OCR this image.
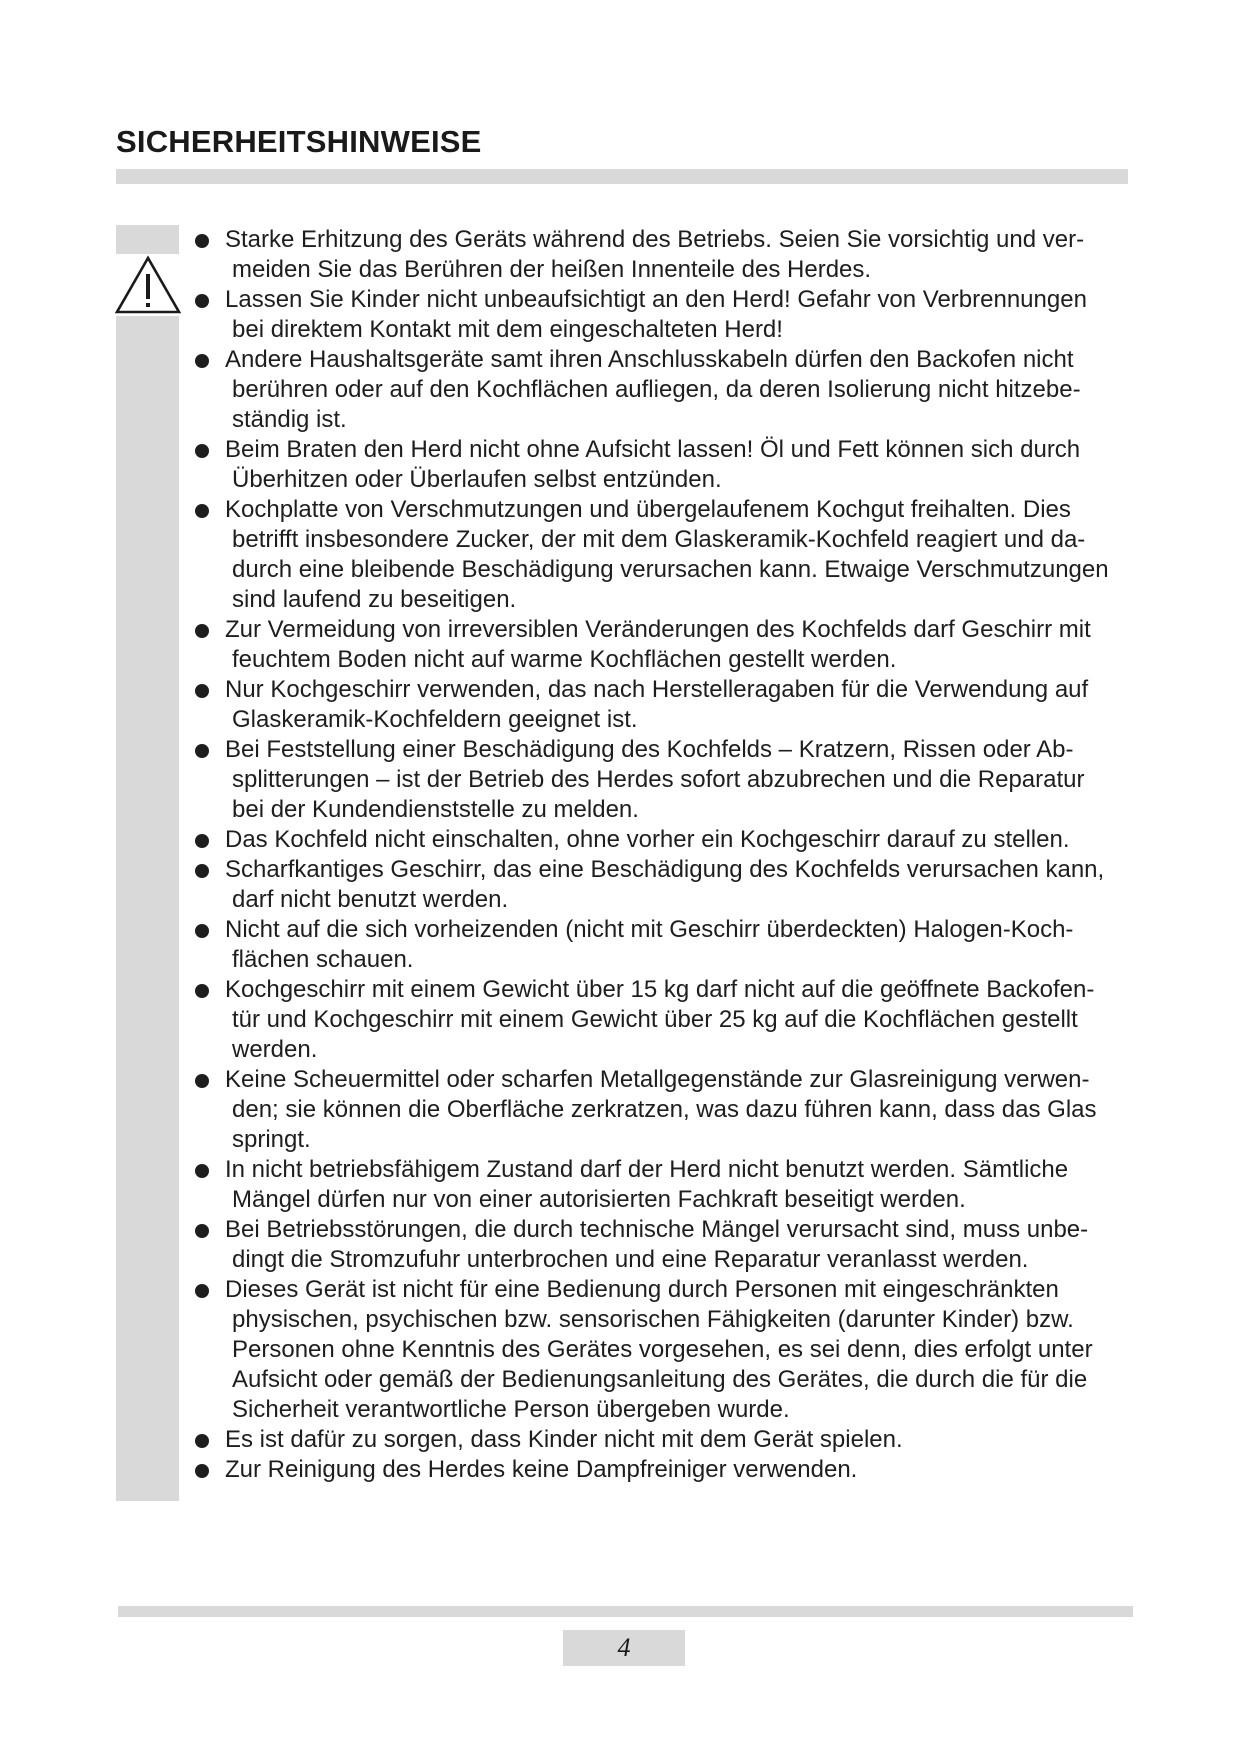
SICHERHEITSHINWEISE
Starke Erhitzung des Geräts während des Betriebs. Seien Sie vorsichtig und ver-
meiden Sie das Berühren der heißen Innenteile des Herdes.
Lassen Sie Kinder nicht unbeaufsichtigt an den Herd! Gefahr von Verbrennungen
bei direktem Kontakt mit dem eingeschalteten Herd!
Andere Haushaltsgeräte samt ihren Anschlusskabeln dürfen den Backofen nicht
berühren oder auf den Kochflächen aufliegen, da deren Isolierung nicht hitzebe-
ständig ist.
Beim Braten den Herd nicht ohne Aufsicht lassen! Öl und Fett können sich durch
Überhitzen oder Überlaufen selbst entzünden.
Kochplatte von Verschmutzungen und übergelaufenem Kochgut freihalten. Dies
betrifft insbesondere Zucker, der mit dem Glaskeramik-Kochfeld reagiert und da-
durch eine bleibende Beschädigung verursachen kann. Etwaige Verschmutzungen
sind laufend zu beseitigen.
Zur Vermeidung von irreversiblen Veränderungen des Kochfelds darf Geschirr mit
feuchtem Boden nicht auf warme Kochflächen gestellt werden.
Nur Kochgeschirr verwenden, das nach Herstelleragaben für die Verwendung auf
Glaskeramik-Kochfeldern geeignet ist.
Bei Feststellung einer Beschädigung des Kochfelds – Kratzern, Rissen oder Ab-
splitterungen – ist der Betrieb des Herdes sofort abzubrechen und die Reparatur
bei der Kundendienststelle zu melden.
Das Kochfeld nicht einschalten, ohne vorher ein Kochgeschirr darauf zu stellen.
Scharfkantiges Geschirr, das eine Beschädigung des Kochfelds verursachen kann,
darf nicht benutzt werden.
Nicht auf die sich vorheizenden (nicht mit Geschirr überdeckten) Halogen-Koch-
flächen schauen.
Kochgeschirr mit einem Gewicht über 15 kg darf nicht auf die geöffnete Backofen-
tür und Kochgeschirr mit einem Gewicht über 25 kg auf die Kochflächen gestellt
werden.
Keine Scheuermittel oder scharfen Metallgegenstände zur Glasreinigung verwen-
den; sie können die Oberfläche zerkratzen, was dazu führen kann, dass das Glas
springt.
In nicht betriebsfähigem Zustand darf der Herd nicht benutzt werden. Sämtliche
Mängel dürfen nur von einer autorisierten Fachkraft beseitigt werden.
Bei Betriebsstörungen, die durch technische Mängel verursacht sind, muss unbe-
dingt die Stromzufuhr unterbrochen und eine Reparatur veranlasst werden.
Dieses Gerät ist nicht für eine Bedienung durch Personen mit eingeschränkten
physischen, psychischen bzw. sensorischen Fähigkeiten (darunter Kinder) bzw.
Personen ohne Kenntnis des Gerätes vorgesehen, es sei denn, dies erfolgt unter
Aufsicht oder gemäß der Bedienungsanleitung des Gerätes, die durch die für die
Sicherheit verantwortliche Person übergeben wurde.
Es ist dafür zu sorgen, dass Kinder nicht mit dem Gerät spielen.
Zur Reinigung des Herdes keine Dampfreiniger verwenden.
4
